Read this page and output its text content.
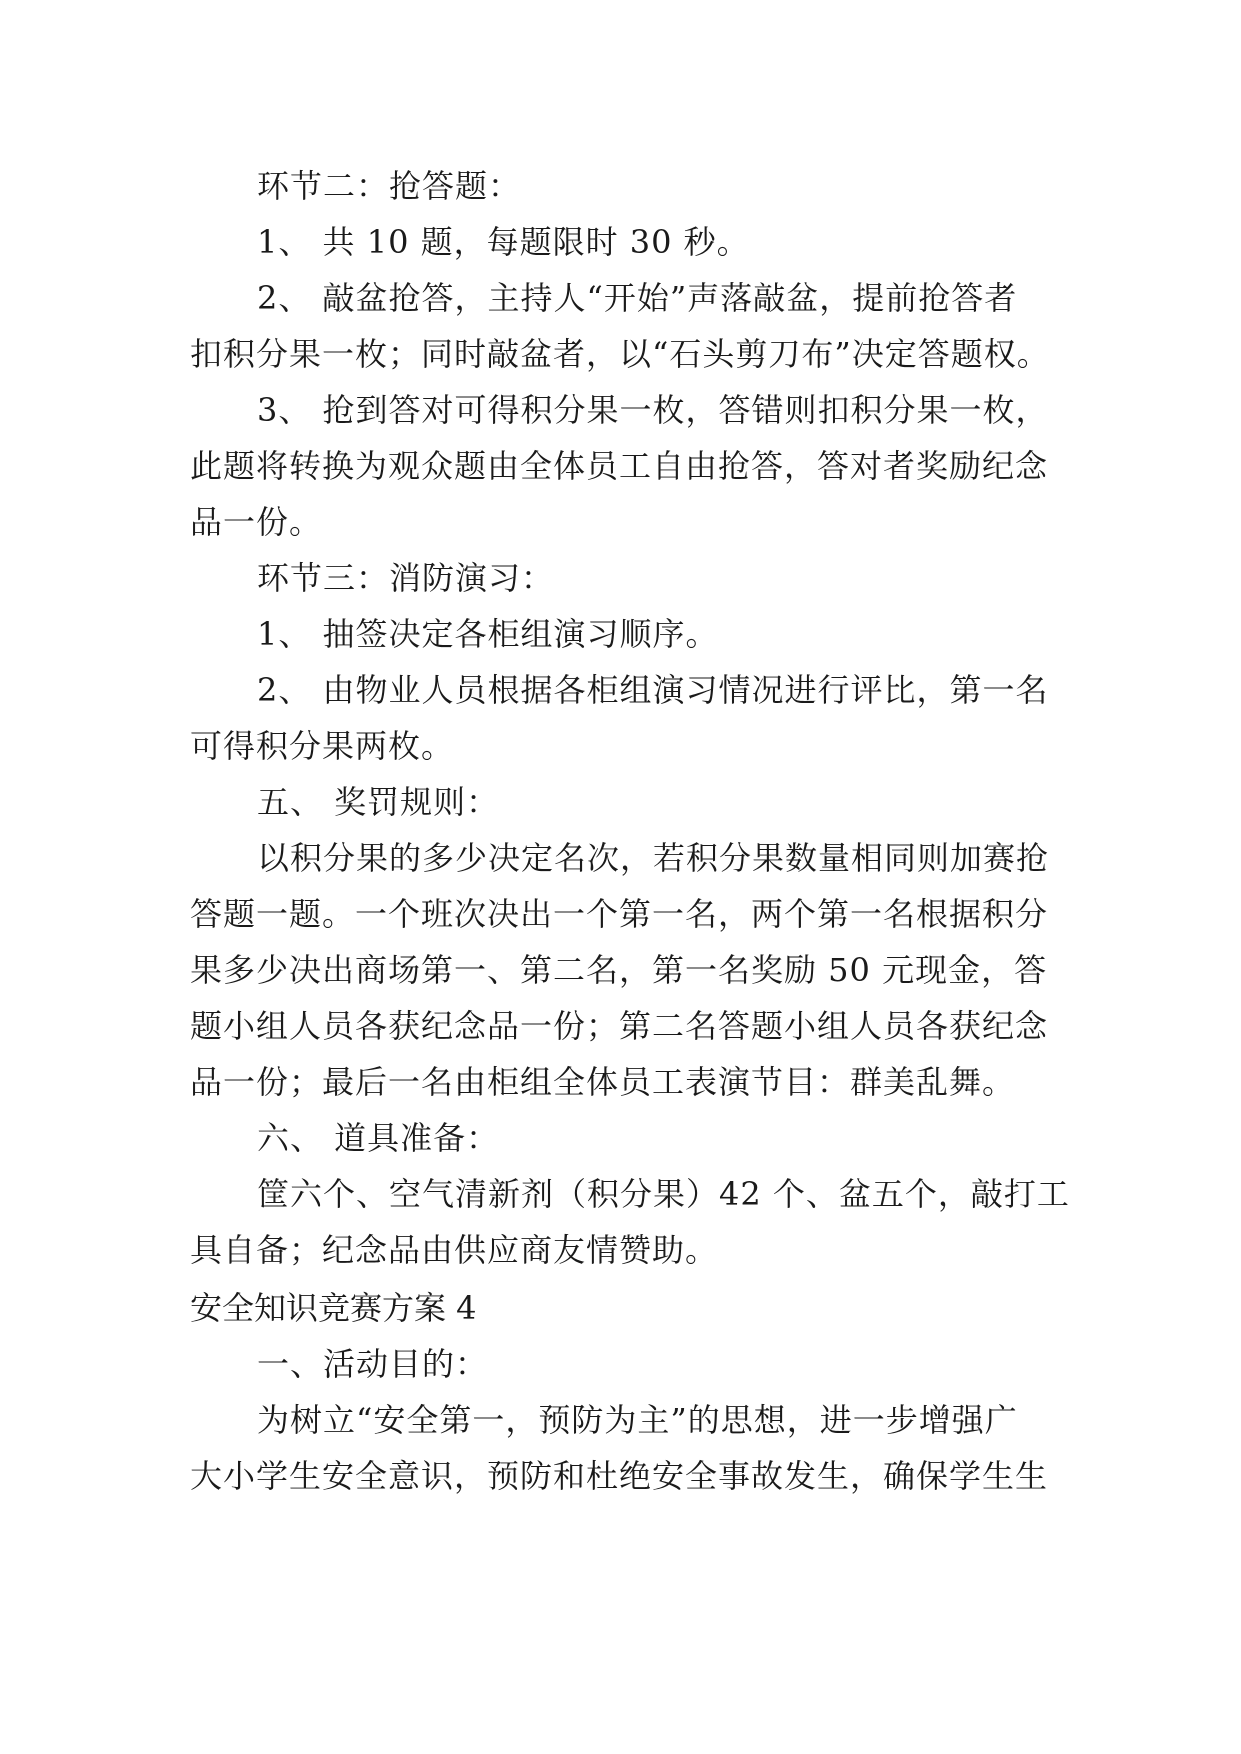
环节二：抢答题：

1、 共 10 题，每题限时 30 秒。

2、 敲盆抢答，主持人“开始”声落敲盆，提前抢答者

扣积分果一枚；同时敲盆者，以“石头剪刀布”决定答题权。

3、 抢到答对可得积分果一枚，答错则扣积分果一枚，

此题将转换为观众题由全体员工自由抢答，答对者奖励纪念

品一份。

环节三：消防演习：

1、 抽签决定各柜组演习顺序。

2、 由物业人员根据各柜组演习情况进行评比，第一名

可得积分果两枚。

五、 奖罚规则：

以积分果的多少决定名次，若积分果数量相同则加赛抢

答题一题。一个班次决出一个第一名，两个第一名根据积分

果多少决出商场第一、第二名，第一名奖励 50 元现金，答

题小组人员各获纪念品一份；第二名答题小组人员各获纪念

品一份；最后一名由柜组全体员工表演节目：群美乱舞。

六、 道具准备：

筐六个、空气清新剂（积分果）42 个、盆五个，敲打工

具自备；纪念品由供应商友情赞助。

安全知识竞赛方案 4

一、活动目的：

为树立“安全第一，预防为主”的思想，进一步增强广

大小学生安全意识，预防和杜绝安全事故发生，确保学生生
